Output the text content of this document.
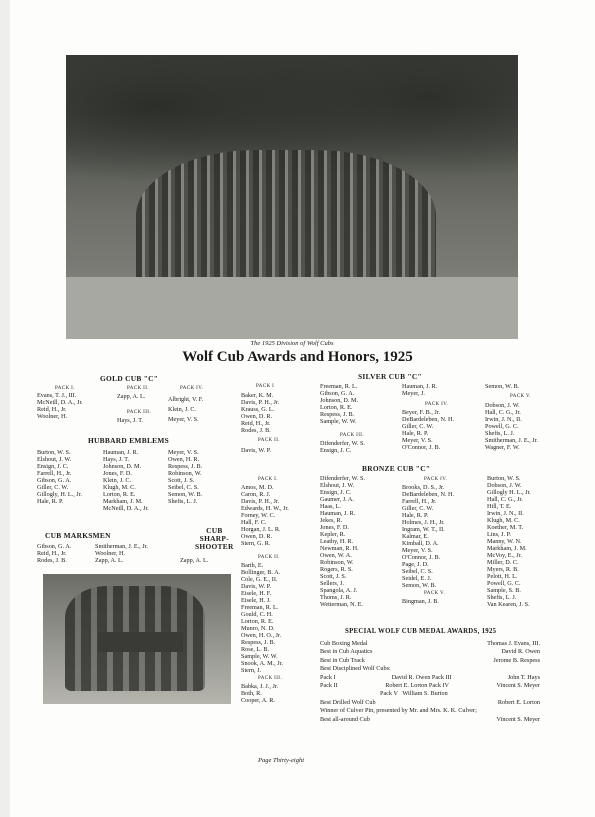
The 1925 Division of Wolf Cubs
Wolf Cub Awards and Honors, 1925
GOLD CUB "C"
PACK I.
Evans, T. J., III.
McNeill, D. A., Jr.
Reid, H., Jr.
Woolner, H.
PACK II.
Zapp, A. L.
PACK III.
Hays, J. T.
PACK IV.
Albright, V. F.
Klein, J. C.
Meyer, V. S.
HUBBARD EMBLEMS
Burton, W. S.
Elshout, J. W.
Ensign, J. C.
Farrell, H., Jr.
Gibson, G. A.
Giller, C. W.
Gillogly, H. L., Jr.
Hale, R. P.
Hauman, J. R.
Hays, J. T.
Johnson, D. M.
Jones, F. D.
Klein, J. C.
Klugh, M. C.
Lorton, R. E.
Markham, J. M.
McNeill, D. A., Jr.
Meyer, V. S.
Owen, H. R.
Respess, J. B.
Robinson, W.
Scott, J. S.
Seibel, C. S.
Semon, W. B.
Shefts, L. J.
CUB MARKSMEN
Gibson, G. A.
Reid, H., Jr.
Rodes, J. B.
Smitherman, J. E., Jr.
Woolner, H.
Zapp, A. L.
CUB
SHARP-
SHOOTER
Zapp, A. L.
SILVER CUB "C"
PACK I
Baker, K. M.
Davis, P. H., Jr.
Krauss, G. L.
Owen, D. R.
Reid, H., Jr.
Rodes, J. B.
PACK II.
Davis, W. P.
Freeman, R. L.
Gibson, G. A.
Johnson, D. M.
Lorton, R. E.
Respess, J. B.
Sample, W. W.
PACK III.
Difenderfer, W. S.
Ensign, J. C.
Hauman, J. R.
Meyer, J.
PACK IV.
Beyer, F. B., Jr.
DeBardeleben, N. H.
Giller, C. W.
Hale, R. P.
Meyer, V. S.
O'Connor, J. B.
Semon, W. B.
PACK V.
Dobson, J. W.
Hall, C. G., Jr.
Irwin, J. N., II.
Powell, G. C.
Shefts, L. J.
Smitherman, J. E., Jr.
Wagner, F. W.
BRONZE CUB "C"
PACK I.
Amos, M. D.
Caron, R. J.
Davis, P. H., Jr.
Edwards, H. W., Jr.
Forney, W. C.
Hall, F. C.
Horgan, J. L. R.
Owen, D. R.
Stern, G. R.
PACK II.
Barth, E.
Bollinger, B. A.
Cole, G. E., II.
Davis, W. P.
Eisele, H. F.
Eisele, H. J.
Freeman, R. L.
Gould, C. H.
Lorton, R. E.
Munro, N. D.
Owen, H. O., Jr.
Respess, J. B.
Rose, L. B.
Sample, W. W.
Snook, A. M., Jr.
Stern, J.
PACK III.
Babka, J. J., Jr.
Both, R.
Cooper, A. R.
Difenderfer, W. S.
Elshout, J. W.
Ensign, J. C.
Gaumer, J. A.
Haas, L.
Hauman, J. R.
Jekes, R.
Jones, F. D.
Kepler, R.
Leathy, H. R.
Newman, R. H.
Owen, W. A.
Robinson, W.
Rogers, R. S.
Scott, J. S.
Sellers, J.
Spangola, A. J.
Thoms, J. R.
Wetterman, N. E.
PACK IV.
Brooks, D. S., Jr.
DeBardeleben, N. H.
Farrell, H., Jr.
Giller, C. W.
Hale, R. P.
Holmes, J. H., Jr.
Ingram, W. T., II.
Kalmar, E.
Kimball, D. A.
Meyer, V. S.
O'Connor, J. B.
Page, J. D.
Seibel, C. S.
Seidel, E. J.
Semon, W. B.
PACK V.
Bingman, J. B.
Burton, W. S.
Dobson, J. W.
Gillogly H. L., Jr.
Hall, C. G., Jr.
Hill, T. E.
Irwin, J. N., II.
Klugh, M. C.
Koether, M. T.
Lins, J. P.
Manny, W. N.
Markham, J. M.
McVoy, E., Jr.
Miller, D. C.
Myers, R. B.
Pelott, H. L.
Powell, G. C.
Sample, S. B.
Shefts, L. J.
Van Kearen, J. S.
SPECIAL WOLF CUB MEDAL AWARDS, 1925
Cub Boxing Medal	Thomas J. Evans, III.
Best in Cub Aquatics	David R. Owen
Best in Cub Track	Jerome B. Respess
Best Disciplined Wolf Cubs:
Pack I	David R. Owen Pack III	John T. Hays
Pack II	Robert E. Lorton Pack IV	Vincent S. Meyer
Pack V William S. Burton
Best Drilled Wolf Cub	Robert E. Lorton
Winner of Culver Pin, presented by Mr. and Mrs. K. K. Culver;
Best all-around Cub	Vincent S. Meyer
Page Thirty-eight
